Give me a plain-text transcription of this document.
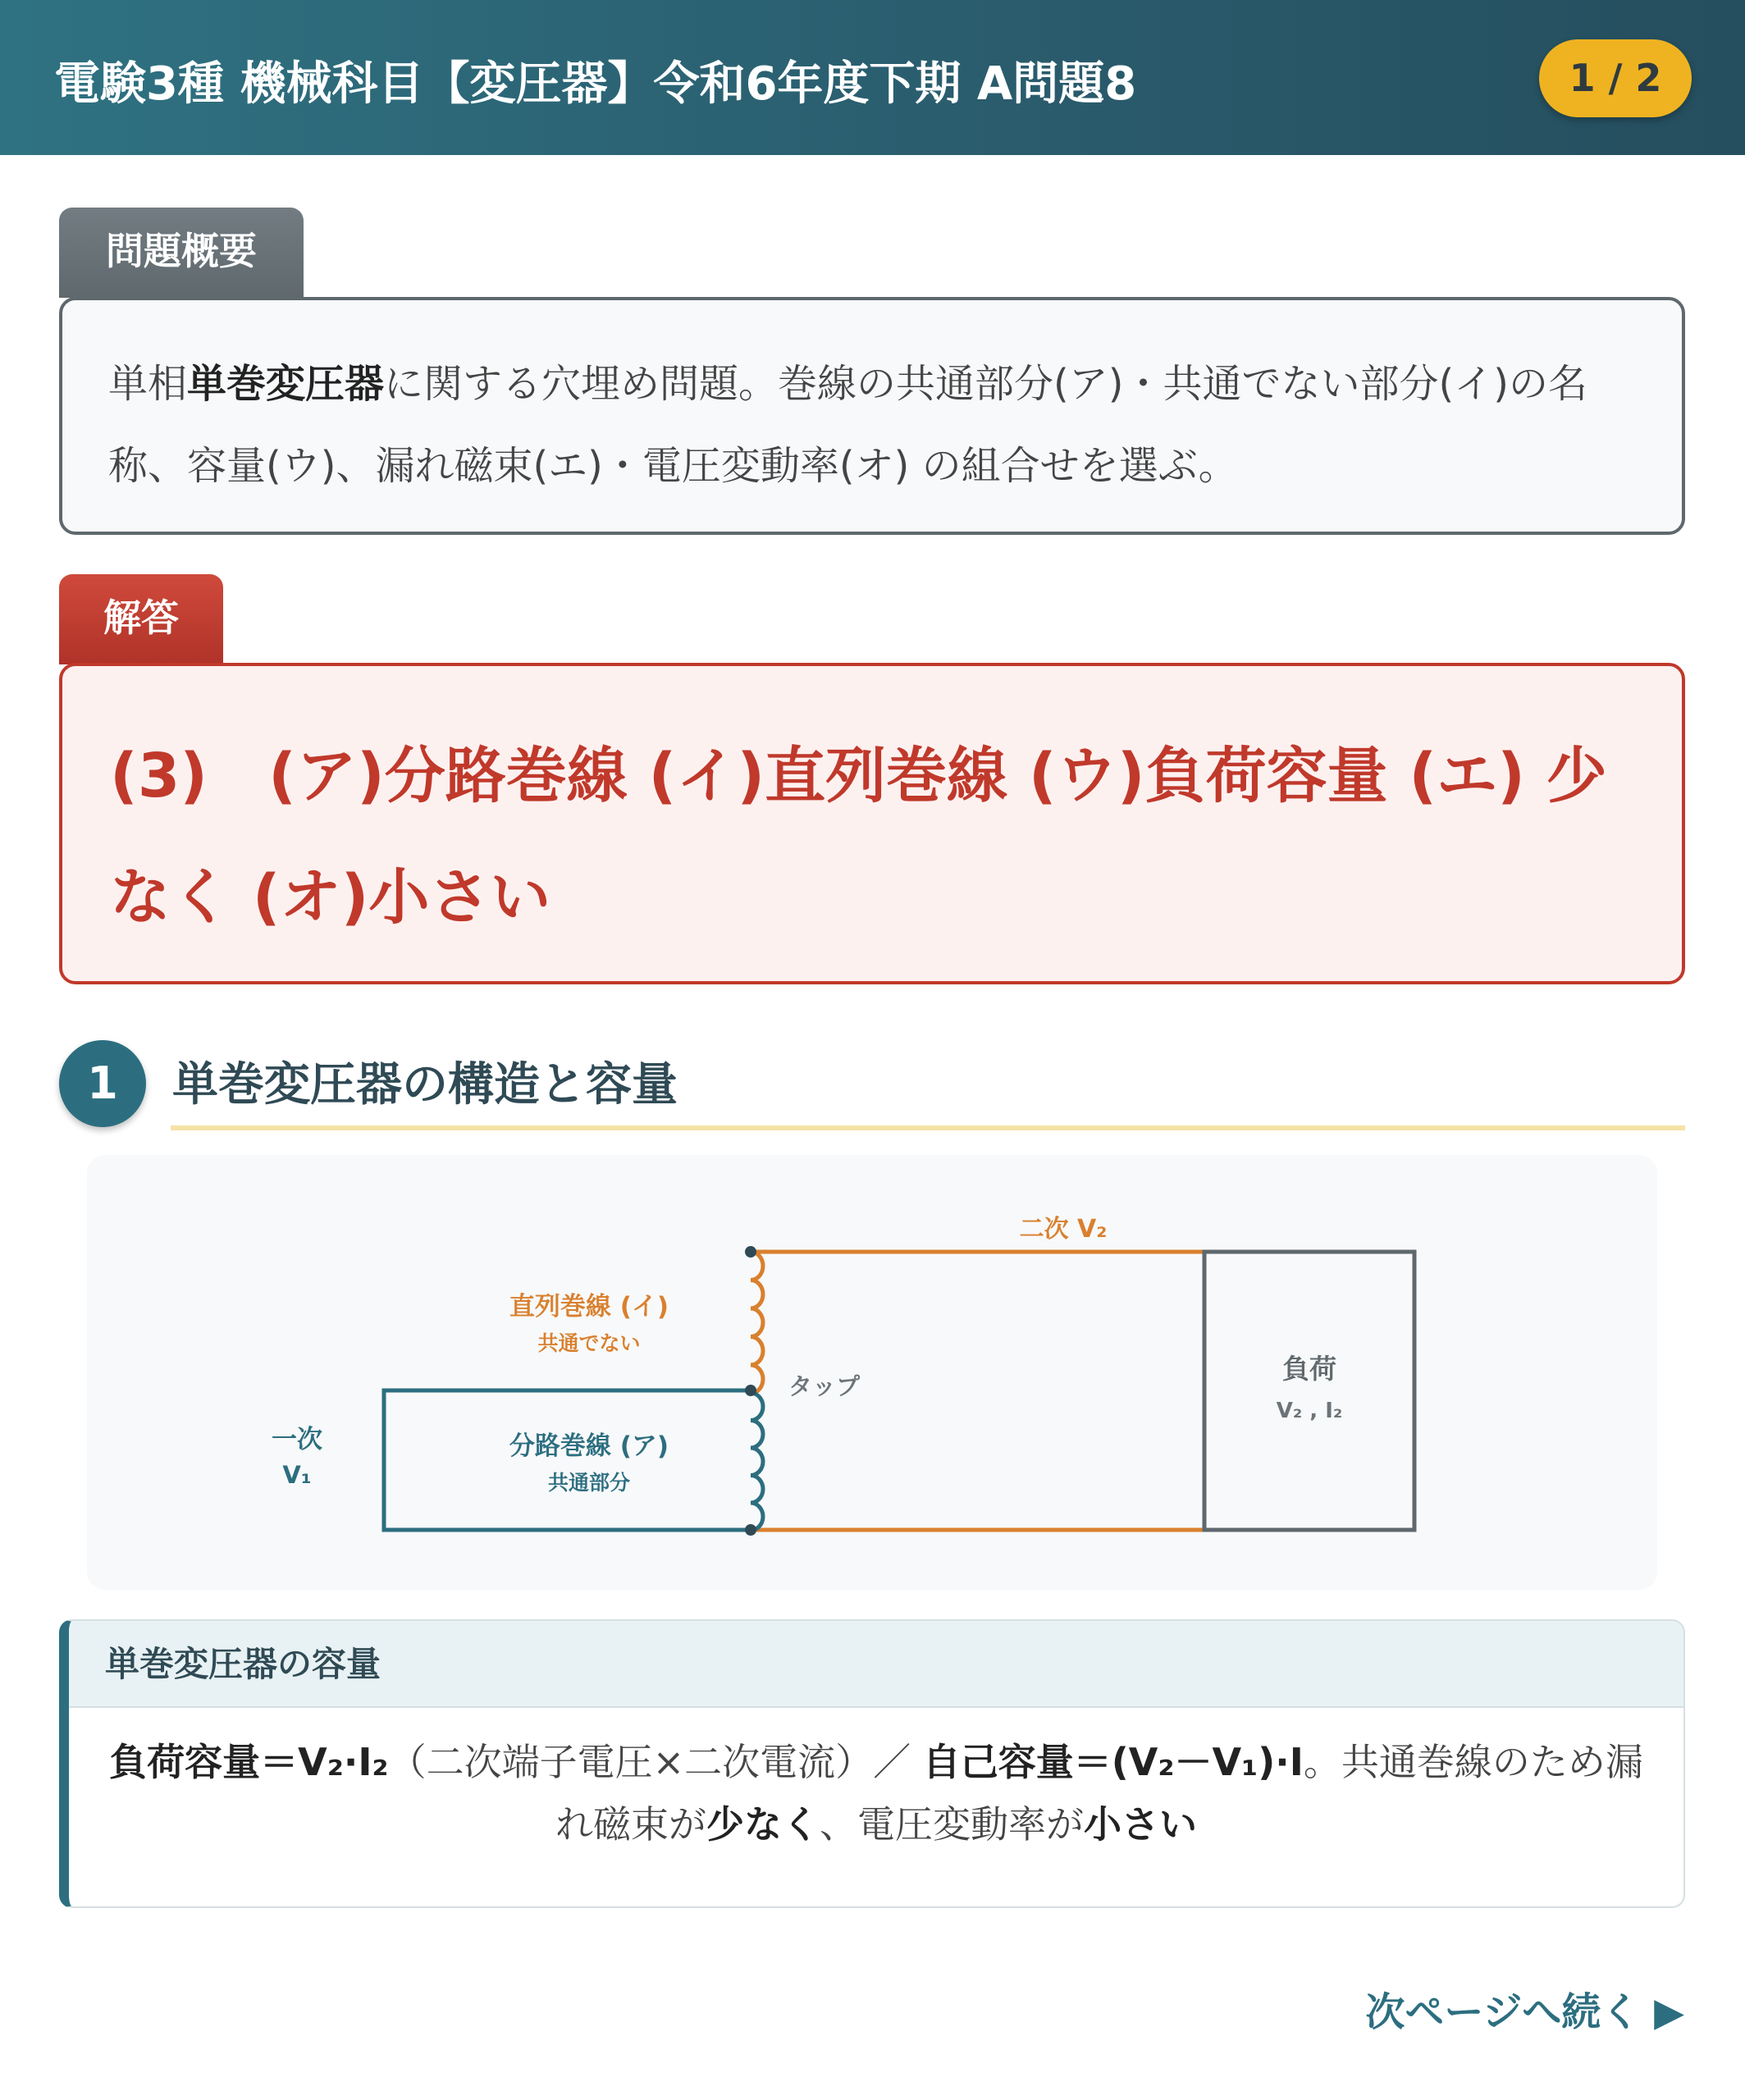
電験3種 機械科目【変圧器】令和6年度下期 A問題8	1 / 2
問題概要
単相単巻変圧器に関する穴埋め問題。巻線の共通部分(ア)・共通でない部分(イ)の名称、容量(ウ)、漏れ磁束(エ)・電圧変動率(オ) の組合せを選ぶ。
解答
(3)　(ア)分路巻線 (イ)直列巻線 (ウ)負荷容量 (エ) 少なく (オ)小さい
1	単巻変圧器の構造と容量
二次 V₂
直列巻線 (イ)
共通でない
分路巻線 (ア)
共通部分
タップ
一次
V₁
負荷
V₂ , I₂
単巻変圧器の容量
負荷容量＝V₂·I₂（二次端子電圧×二次電流）／ 自己容量＝(V₂－V₁)·I。共通巻線のため漏れ磁束が少なく、電圧変動率が小さい
次ページへ続く ▶
